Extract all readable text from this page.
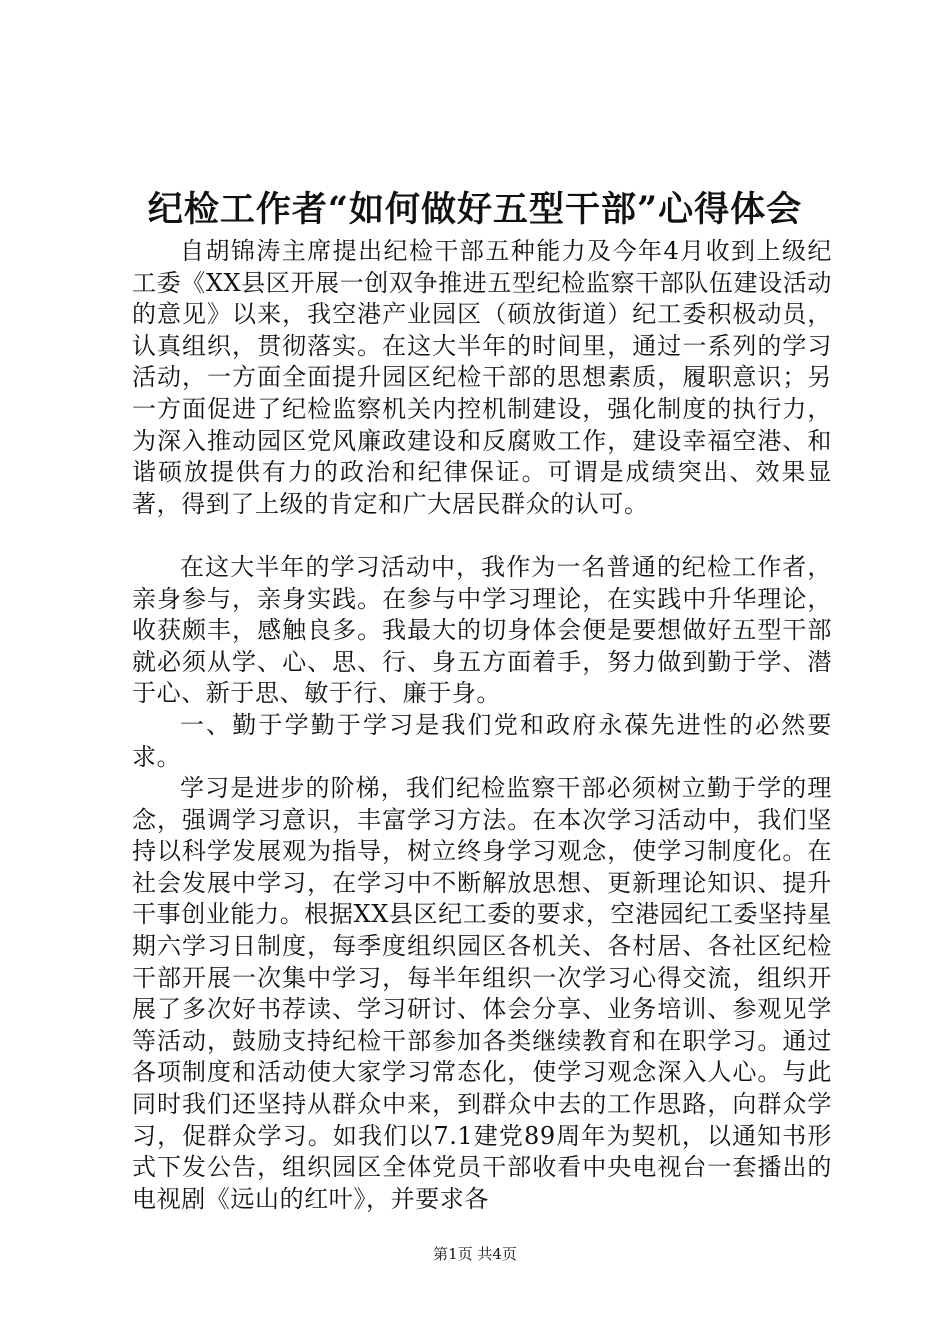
纪检工作者“如何做好五型干部”心得体会

自胡锦涛主席提出纪检干部五种能力及今年4月收到上级纪工委《XX县区开展一创双争推进五型纪检监察干部队伍建设活动的意见》以来，我空港产业园区（硕放街道）纪工委积极动员，认真组织，贯彻落实。在这大半年的时间里，通过一系列的学习活动，一方面全面提升园区纪检干部的思想素质，履职意识；另一方面促进了纪检监察机关内控机制建设，强化制度的执行力，为深入推动园区党风廉政建设和反腐败工作，建设幸福空港、和谐硕放提供有力的政治和纪律保证。可谓是成绩突出、效果显著，得到了上级的肯定和广大居民群众的认可。

在这大半年的学习活动中，我作为一名普通的纪检工作者，亲身参与，亲身实践。在参与中学习理论，在实践中升华理论，收获颇丰，感触良多。我最大的切身体会便是要想做好五型干部就必须从学、心、思、行、身五方面着手，努力做到勤于学、潜于心、新于思、敏于行、廉于身。

一、勤于学勤于学习是我们党和政府永葆先进性的必然要求。

学习是进步的阶梯，我们纪检监察干部必须树立勤于学的理念，强调学习意识，丰富学习方法。在本次学习活动中，我们坚持以科学发展观为指导，树立终身学习观念，使学习制度化。在社会发展中学习，在学习中不断解放思想、更新理论知识、提升干事创业能力。根据XX县区纪工委的要求，空港园纪工委坚持星期六学习日制度，每季度组织园区各机关、各村居、各社区纪检干部开展一次集中学习，每半年组织一次学习心得交流，组织开展了多次好书荐读、学习研讨、体会分享、业务培训、参观见学等活动，鼓励支持纪检干部参加各类继续教育和在职学习。通过各项制度和活动使大家学习常态化，使学习观念深入人心。与此同时我们还坚持从群众中来，到群众中去的工作思路，向群众学习，促群众学习。如我们以7.1建党89周年为契机，以通知书形式下发公告，组织园区全体党员干部收看中央电视台一套播出的电视剧《远山的红叶》，并要求各

第1页 共4页
